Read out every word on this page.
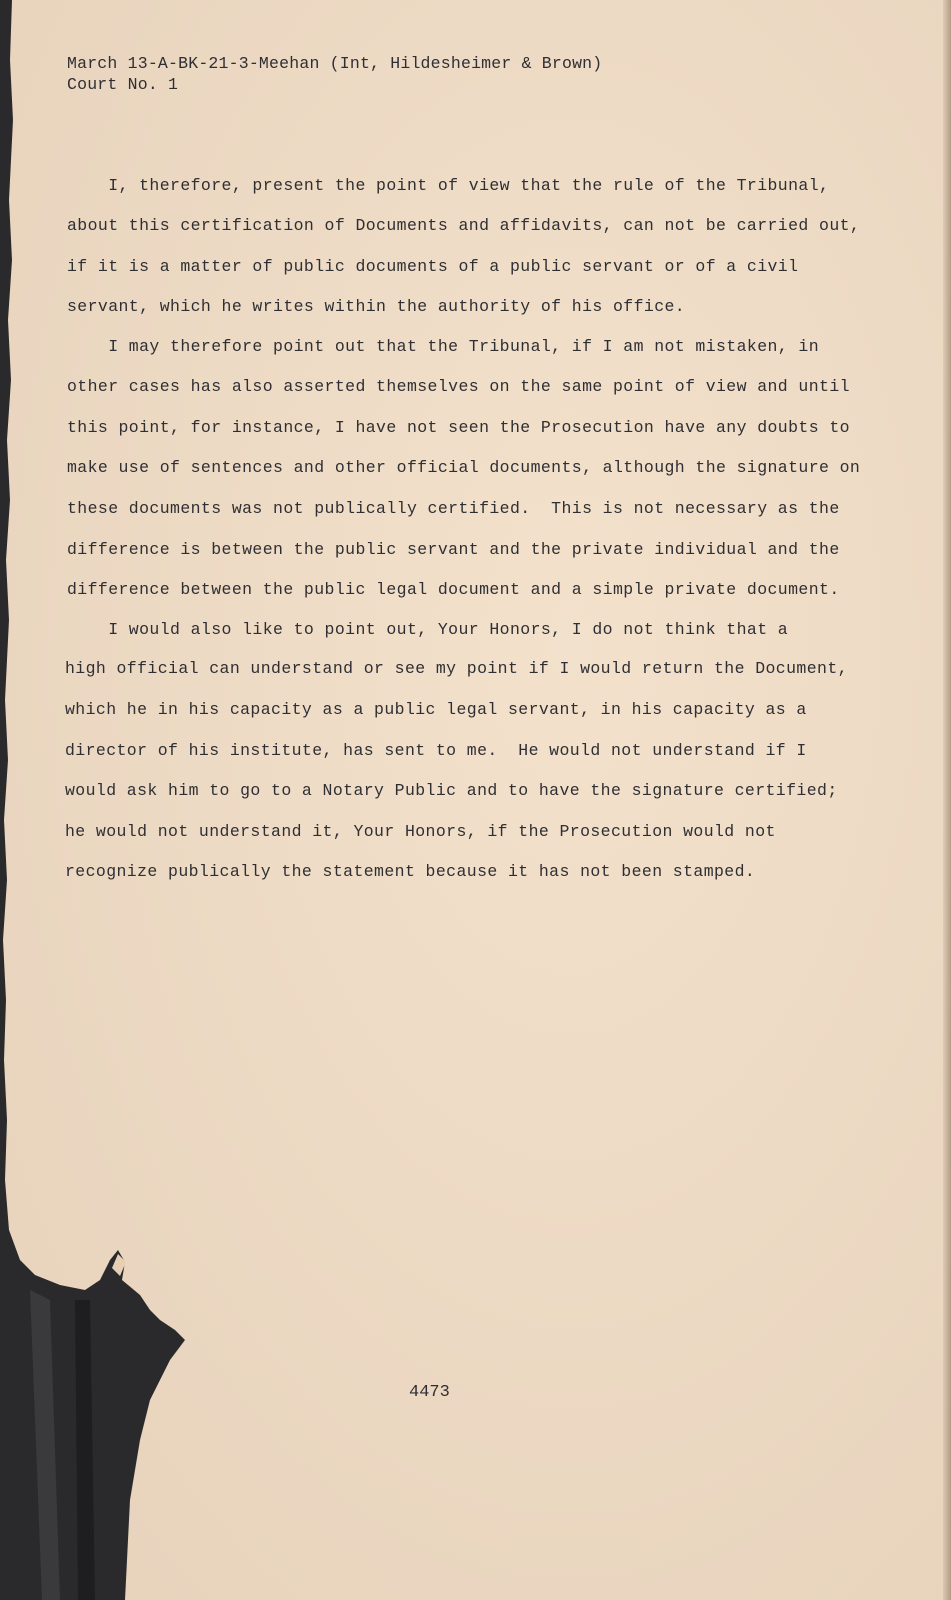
March 13-A-BK-21-3-Meehan (Int, Hildesheimer & Brown)
Court No. 1
I, therefore, present the point of view that the rule of the Tribunal,
about this certification of Documents and affidavits, can not be carried out,
if it is a matter of public documents of a public servant or of a civil
servant, which he writes within the authority of his office.
I may therefore point out that the Tribunal, if I am not mistaken, in
other cases has also asserted themselves on the same point of view and until
this point, for instance, I have not seen the Prosecution have any doubts to
make use of sentences and other official documents, although the signature on
these documents was not publically certified.  This is not necessary as the
difference is between the public servant and the private individual and the
difference between the public legal document and a simple private document.
I would also like to point out, Your Honors, I do not think that a
high official can understand or see my point if I would return the Document,
which he in his capacity as a public legal servant, in his capacity as a
director of his institute, has sent to me.  He would not understand if I
would ask him to go to a Notary Public and to have the signature certified;
he would not understand it, Your Honors, if the Prosecution would not
recognize publically the statement because it has not been stamped.
4473
